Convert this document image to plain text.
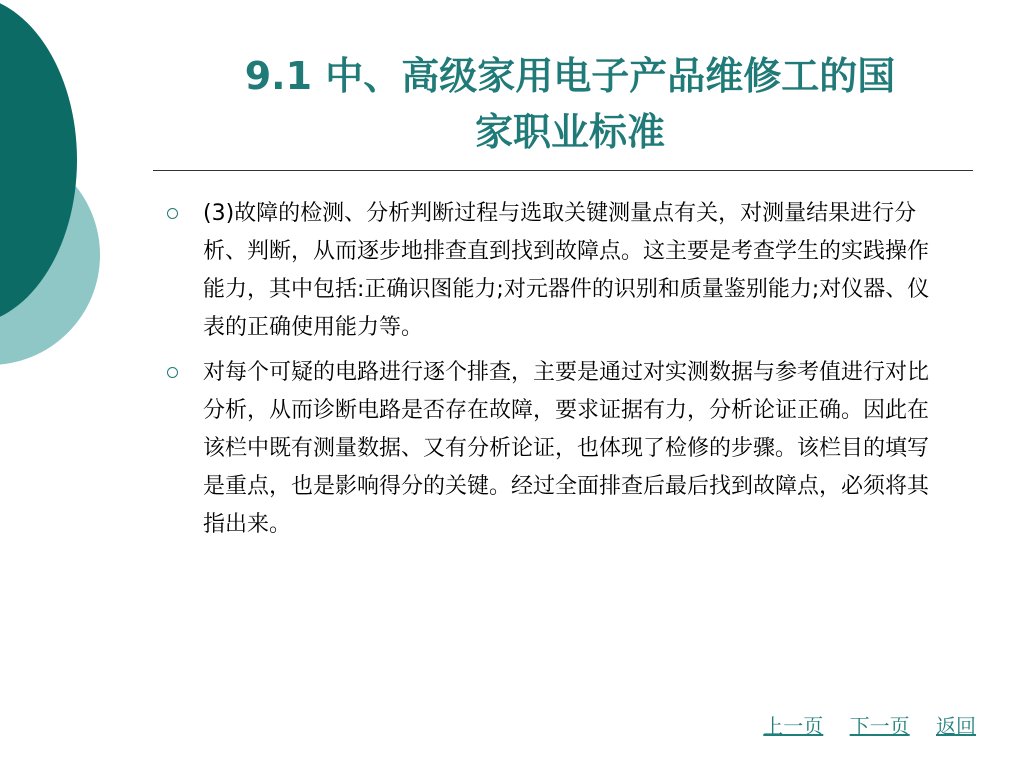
9.1 中、高级家用电子产品维修工的国
家职业标准
(3)故障的检测、分析判断过程与选取关键测量点有关，对测量结果进行分析、判断，从而逐步地排查直到找到故障点。这主要是考查学生的实践操作能力，其中包括:正确识图能力;对元器件的识别和质量鉴别能力;对仪器、仪表的正确使用能力等。
对每个可疑的电路进行逐个排查，主要是通过对实测数据与参考值进行对比分析，从而诊断电路是否存在故障，要求证据有力，分析论证正确。因此在该栏中既有测量数据、又有分析论证，也体现了检修的步骤。该栏目的填写是重点，也是影响得分的关键。经过全面排查后最后找到故障点，必须将其指出来。
上一页 下一页 返回
